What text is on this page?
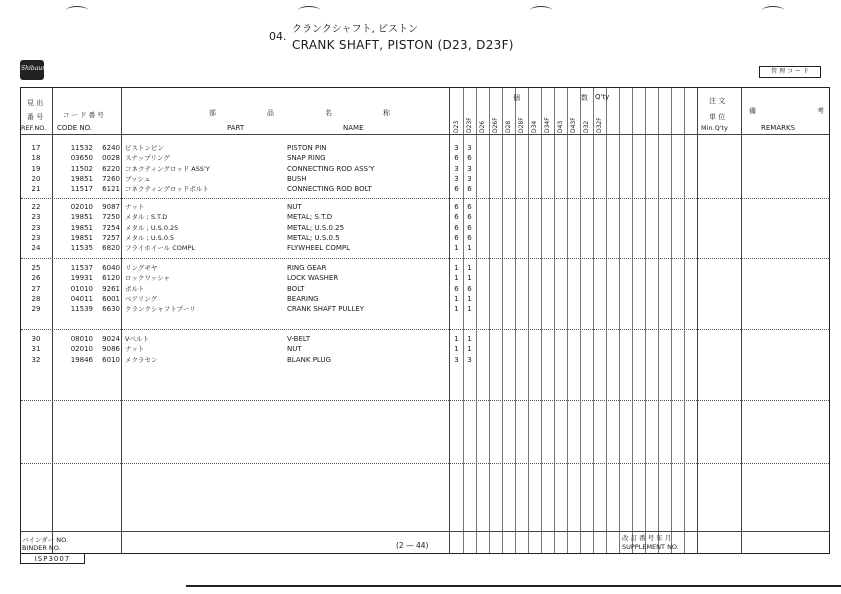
Shibaura
04.
クランクシャフト, ピストン
CRANK SHAFT, PISTON (D23, D23F)
管 理 コ ー ド
見 出
番 号
REF.NO.
コ ー ド 番 号
CODE NO.
部	品
PART
名	称
NAME
個	数 Q'ty
D23	D23F	D26	D26F	D28	D28F	D34	D34F	D43	D43F	D32	D32F
注 文
単 位
Min.Q'ty
備	考
REMARKS
17	11532	6240 ピストンピン	PISTON PIN	3	3
18	03650	0028 スナップリング	SNAP RING	6	6
19	11502	6220 コネクティングロッド ASS'Y	CONNECTING ROD ASS'Y	3	3
20	19851	7260 ブッシュ	BUSH	3	3
21	11517	6121 コネクティングロッドボルト	CONNECTING ROD BOLT	6	6
22	02010	9087 ナット	NUT	6	6
23	19851	7250 メタル ; S.T.D	METAL; S.T.D	6	6
23	19851	7254 メタル ; U.S.0.25	METAL; U.S.0.25	6	6
23	19851	7257 メタル ; U.S.0.5	METAL; U.S.0.5	6	6
24	11535	6820 フライホイール COMPL	FLYWHEEL COMPL	1	1
25	11537	6040 リングギヤ	RING GEAR	1	1
26	19931	6120 ロックワッシャ	LOCK WASHER	1	1
27	01010	9261 ボルト	BOLT	6	6
28	04011	6001 ベアリング	BEARING	1	1
29	11539	6630 クランクシャフトプーリ	CRANK SHAFT PULLEY	1	1
30	08010	9024 Vベルト	V-BELT	1	1
31	02010	9086 ナット	NUT	1	1
32	19846	6010 メクラセン	BLANK PLUG	3	3
バインダー NO.
BINDER NO.
ISP3007
(2 — 44)
改 訂 番 号 年 月
SUPPLEMENT NO.
